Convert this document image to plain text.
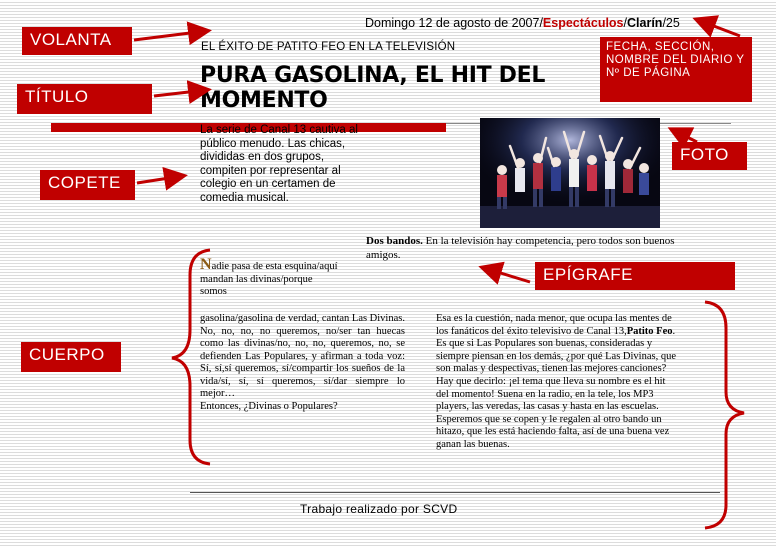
Domingo 12 de agosto de 2007/Espectáculos/Clarín/25
EL ÉXITO DE PATITO FEO EN LA TELEVISIÓN
PURA GASOLINA, EL HIT DEL MOMENTO
La serie de Canal 13 cautiva al público menudo. Las chicas, divididas en dos grupos, compiten por representar al colegio en un certamen de comedia musical.
Dos bandos. En la televisión hay competencia, pero todos son buenos amigos.
Nadie pasa de esta esquina/aquí mandan las divinas/porque somos
gasolina/gasolina de verdad, cantan Las Divinas.
No, no, no, no queremos, no/ser tan huecas como las divinas/no, no, no, queremos, no, se defienden Las Populares, y afirman a toda voz: Sí, sí,sí queremos, sí/compartir los sueños de la vida/sí, sí, sí queremos, sí/dar siempre lo mejor…
Entonces, ¿Divinas o Populares?
Esa es la cuestión, nada menor, que ocupa las mentes de los fanáticos del éxito televisivo de Canal 13,Patito Feo. Es que si Las Populares son buenas, consideradas y siempre piensan en los demás, ¿por qué Las Divinas, que son malas y despectivas, tienen las mejores canciones? Hay que decirlo: ¡el tema que lleva su nombre es el hit del momento! Suena en la radio, en la tele, los MP3 players, las veredas, las casas y hasta en las escuelas.
Esperemos que se copen y le regalen al otro bando un hitazo, que les está haciendo falta, así de una buena vez ganan las buenas.
Trabajo realizado por SCVD
VOLANTA
TÍTULO
COPETE
CUERPO
FECHA, SECCIÓN, NOMBRE DEL DIARIO Y Nº DE PÁGINA
FOTO
EPÍGRAFE
